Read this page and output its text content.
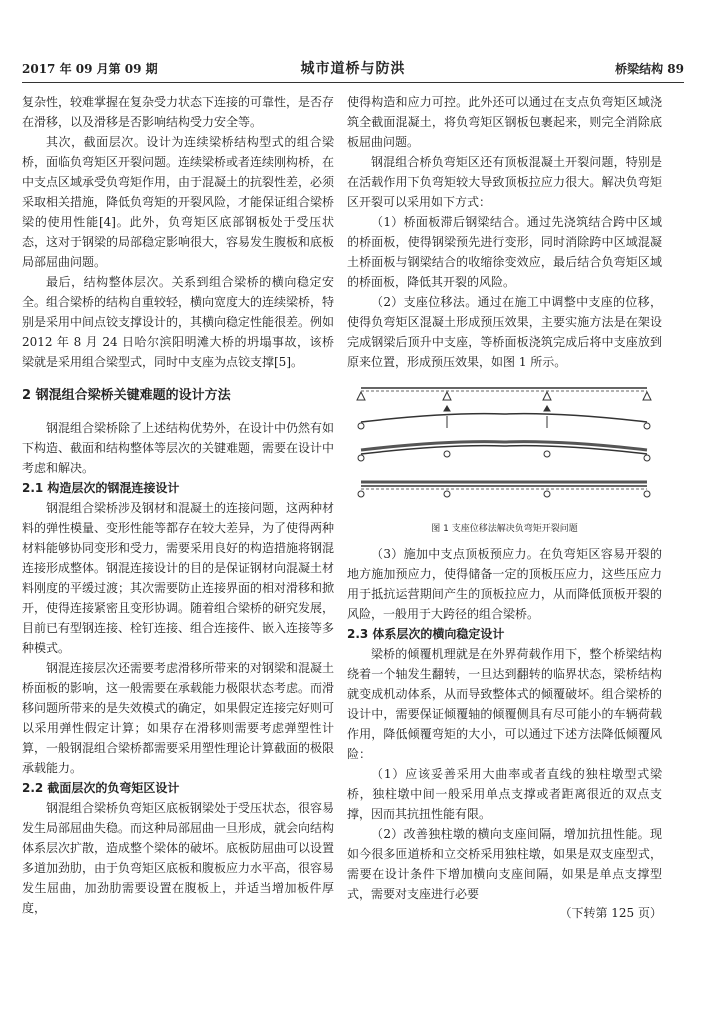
2017 年 09 月第 09 期	城市道桥与防洪	桥梁结构 89

复杂性，较难掌握在复杂受力状态下连接的可靠性，是否存在滑移，以及滑移是否影响结构受力安全等。

其次，截面层次。设计为连续梁桥结构型式的组合梁桥，面临负弯矩区开裂问题。连续梁桥或者连续刚构桥，在中支点区域承受负弯矩作用，由于混凝土的抗裂性差，必须采取相关措施，降低负弯矩的开裂风险，才能保证组合梁桥梁的使用性能[4]。此外，负弯矩区底部钢板处于受压状态，这对于钢梁的局部稳定影响很大，容易发生腹板和底板局部屈曲问题。

最后，结构整体层次。关系到组合梁桥的横向稳定安全。组合梁桥的结构自重较轻，横向宽度大的连续梁桥，特别是采用中间点铰支撑设计的，其横向稳定性能很差。例如 2012 年 8 月 24 日哈尔滨阳明滩大桥的坍塌事故，该桥梁就是采用组合梁型式，同时中支座为点铰支撑[5]。

2 钢混组合梁桥关键难题的设计方法

钢混组合梁桥除了上述结构优势外，在设计中仍然有如下构造、截面和结构整体等层次的关键难题，需要在设计中考虑和解决。

2.1 构造层次的钢混连接设计

钢混组合梁桥涉及钢材和混凝土的连接问题，这两种材料的弹性模量、变形性能等都存在较大差异，为了使得两种材料能够协同变形和受力，需要采用良好的构造措施将钢混连接形成整体。钢混连接设计的目的是保证钢材向混凝土材料刚度的平缓过渡；其次需要防止连接界面的相对滑移和掀开，使得连接紧密且变形协调。随着组合梁桥的研究发展，目前已有型钢连接、栓钉连接、组合连接件、嵌入连接等多种模式。

钢混连接层次还需要考虑滑移所带来的对钢梁和混凝土桥面板的影响，这一般需要在承载能力极限状态考虑。而滑移问题所带来的是失效模式的确定，如果假定连接完好则可以采用弹性假定计算；如果存在滑移则需要考虑弹塑性计算，一般钢混组合梁桥都需要采用塑性理论计算截面的极限承载能力。

2.2 截面层次的负弯矩区设计

钢混组合梁桥负弯矩区底板钢梁处于受压状态，很容易发生局部屈曲失稳。而这种局部屈曲一旦形成，就会向结构体系层次扩散，造成整个梁体的破坏。底板防屈曲可以设置多道加劲肋，由于负弯矩区底板和腹板应力水平高，很容易发生屈曲，加劲肋需要设置在腹板上，并适当增加板件厚度，

使得构造和应力可控。此外还可以通过在支点负弯矩区域浇筑全截面混凝土，将负弯矩区钢板包裹起来，则完全消除底板屈曲问题。

钢混组合桥负弯矩区还有顶板混凝土开裂问题，特别是在活载作用下负弯矩较大导致顶板拉应力很大。解决负弯矩区开裂可以采用如下方式：

（1）桥面板滞后钢梁结合。通过先浇筑结合跨中区域的桥面板，使得钢梁预先进行变形，同时消除跨中区域混凝土桥面板与钢梁结合的收缩徐变效应，最后结合负弯矩区域的桥面板，降低其开裂的风险。

（2）支座位移法。通过在施工中调整中支座的位移，使得负弯矩区混凝土形成预压效果，主要实施方法是在架设完成钢梁后顶升中支座，等桥面板浇筑完成后将中支座放到原来位置，形成预压效果，如图 1 所示。

图 1 支座位移法解决负弯矩开裂问题

（3）施加中支点顶板预应力。在负弯矩区容易开裂的地方施加预应力，使得储备一定的顶板压应力，这些压应力用于抵抗运营期间产生的顶板拉应力，从而降低顶板开裂的风险，一般用于大跨径的组合梁桥。

2.3 体系层次的横向稳定设计

梁桥的倾覆机理就是在外界荷载作用下，整个桥梁结构绕着一个轴发生翻转，一旦达到翻转的临界状态，梁桥结构就变成机动体系，从而导致整体式的倾覆破坏。组合梁桥的设计中，需要保证倾覆轴的倾覆侧具有尽可能小的车辆荷载作用，降低倾覆弯矩的大小，可以通过下述方法降低倾覆风险：

（1）应该妥善采用大曲率或者直线的独柱墩型式梁桥，独柱墩中间一般采用单点支撑或者距离很近的双点支撑，因而其抗扭性能有限。

（2）改善独柱墩的横向支座间隔，增加抗扭性能。现如今很多匝道桥和立交桥采用独柱墩，如果是双支座型式，需要在设计条件下增加横向支座间隔，如果是单点支撑型式，需要对支座进行必要

（下转第 125 页）
